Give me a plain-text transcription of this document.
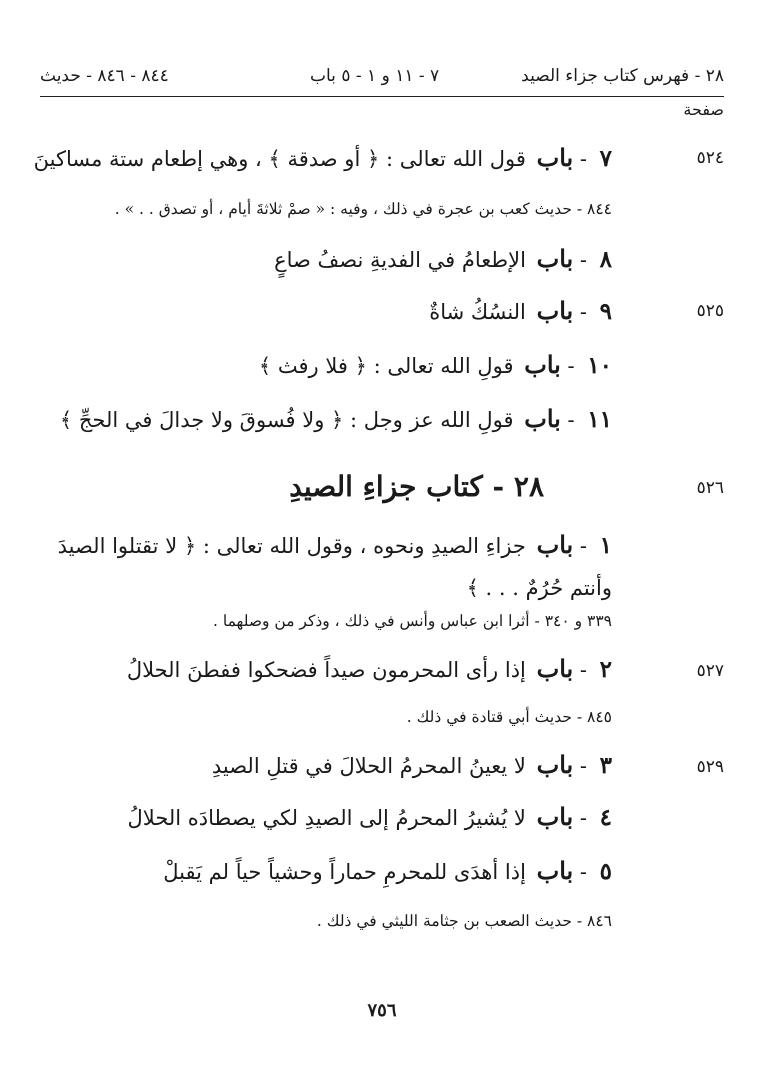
٢٨ - فهرس كتاب جزاء الصيد
٧ - ١١ و ١ - ٥ باب
٨٤٤ - ٨٤٦ - حديث
صفحة
٥٢٤
٧ - باب قول الله تعالى : ﴿ أو صدقة ﴾ ، وهي إطعام ستة مساكينَ
٨٤٤ - حديث كعب بن عجرة في ذلك ، وفيه : « صمْ ثلاثةَ أيام ، أو تصدق . . » .
٨ - باب الإطعامُ في الفديةِ نصفُ صاعٍ
٥٢٥
٩ - باب النسُكُ شاةٌ
١٠ - باب قولِ الله تعالى : ﴿ فلا رفث ﴾
١١ - باب قولِ الله عز وجل : ﴿ ولا فُسوقَ ولا جدالَ في الحجِّ ﴾
٥٢٦
٢٨ - كتاب جزاءِ الصيدِ
١ - باب جزاءِ الصيدِ ونحوه ، وقول الله تعالى : ﴿ لا تقتلوا الصيدَ وأنتم حُرُمٌ . . . ﴾
٣٣٩ و ٣٤٠ - أثرا ابن عباس وأنس في ذلك ، وذكر من وصلهما .
٥٢٧
٢ - باب إذا رأى المحرمون صيداً فضحكوا ففطنَ الحلالُ
٨٤٥ - حديث أبي قتادة في ذلك .
٥٢٩
٣ - باب لا يعينُ المحرمُ الحلالَ في قتلِ الصيدِ
٤ - باب لا يُشيرُ المحرمُ إلى الصيدِ لكي يصطادَه الحلالُ
٥ - باب إذا أهدَى للمحرمِ حماراً وحشياً حياً لم يَقبلْ
٨٤٦ - حديث الصعب بن جثامة الليثي في ذلك .
٧٥٦
